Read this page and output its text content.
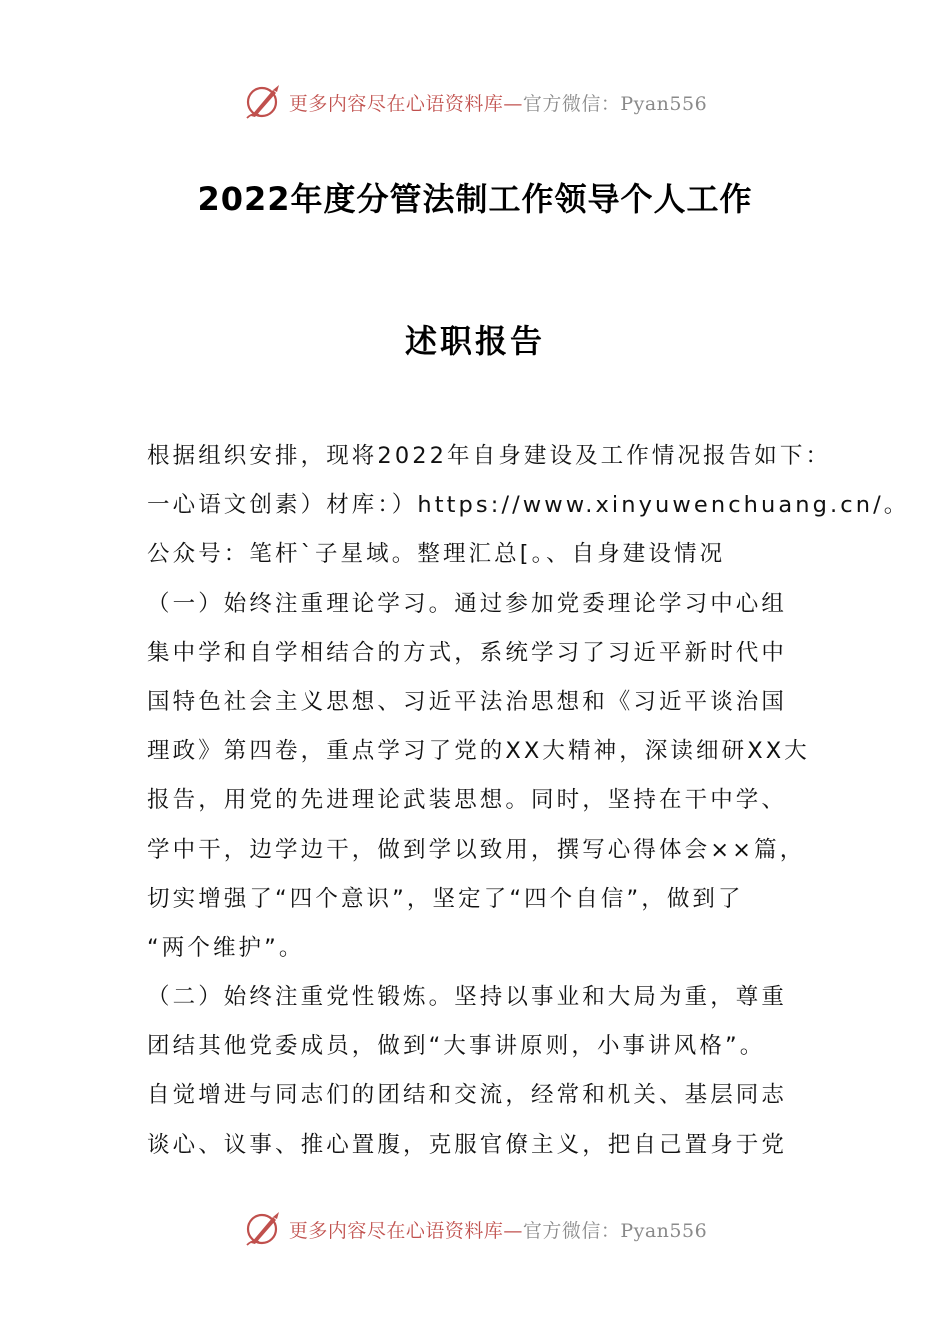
更多内容尽在心语资料库—官方微信：Pyan556
2022年度分管法制工作领导个人工作
述职报告
根据组织安排，现将2022年自身建设及工作情况报告如下：
一心语文创素）材库：）https://www.xinyuwenchuang.cn/。
公众号：笔杆`子星域。整理汇总[。、自身建设情况
（一）始终注重理论学习。通过参加党委理论学习中心组
集中学和自学相结合的方式，系统学习了习近平新时代中
国特色社会主义思想、习近平法治思想和《习近平谈治国
理政》第四卷，重点学习了党的XX大精神，深读细研XX大
报告，用党的先进理论武装思想。同时，坚持在干中学、
学中干，边学边干，做到学以致用，撰写心得体会××篇，
切实增强了“四个意识”，坚定了“四个自信”，做到了
“两个维护”。
（二）始终注重党性锻炼。坚持以事业和大局为重，尊重
团结其他党委成员，做到“大事讲原则，小事讲风格”。
自觉增进与同志们的团结和交流，经常和机关、基层同志
谈心、议事、推心置腹，克服官僚主义，把自己置身于党
更多内容尽在心语资料库—官方微信：Pyan556
